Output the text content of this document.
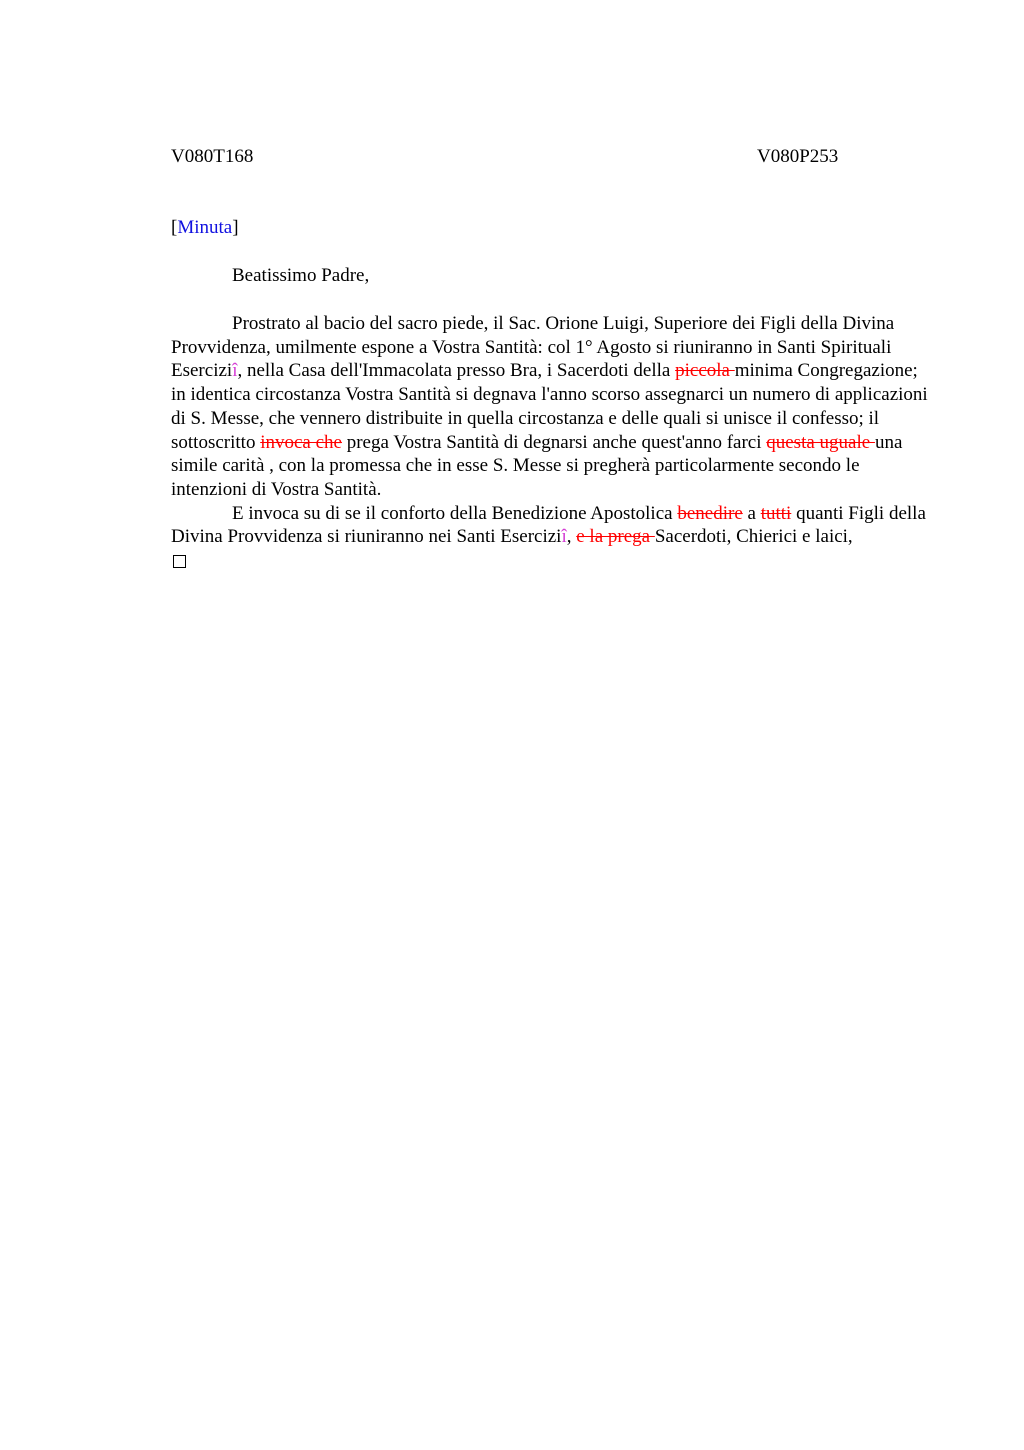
V080T168	V080P253
[Minuta]
Beatissimo Padre,

Prostrato al bacio del sacro piede, il Sac. Orione Luigi, Superiore dei Figli della Divina Provvidenza, umilmente espone a Vostra Santità: col 1° Agosto si riuniranno in Santi Spirituali Eserciziî, nella Casa dell'Immacolata presso Bra, i Sacerdoti della piccola minima Congregazione; in identica circostanza Vostra Santità si degnava l'anno scorso assegnarci un numero di applicazioni di S. Messe, che vennero distribuite in quella circostanza e delle quali si unisce il confesso; il sottoscritto invoca che prega Vostra Santità di degnarsi anche quest'anno farci questa uguale una simile carità , con la promessa che in esse S. Messe si pregherà particolarmente secondo le intenzioni di Vostra Santità.

E invoca su di se il conforto della Benedizione Apostolica benedire a tutti quanti Figli della Divina Provvidenza si riuniranno nei Santi Eserciziî, e la prega Sacerdoti, Chierici e laici,
